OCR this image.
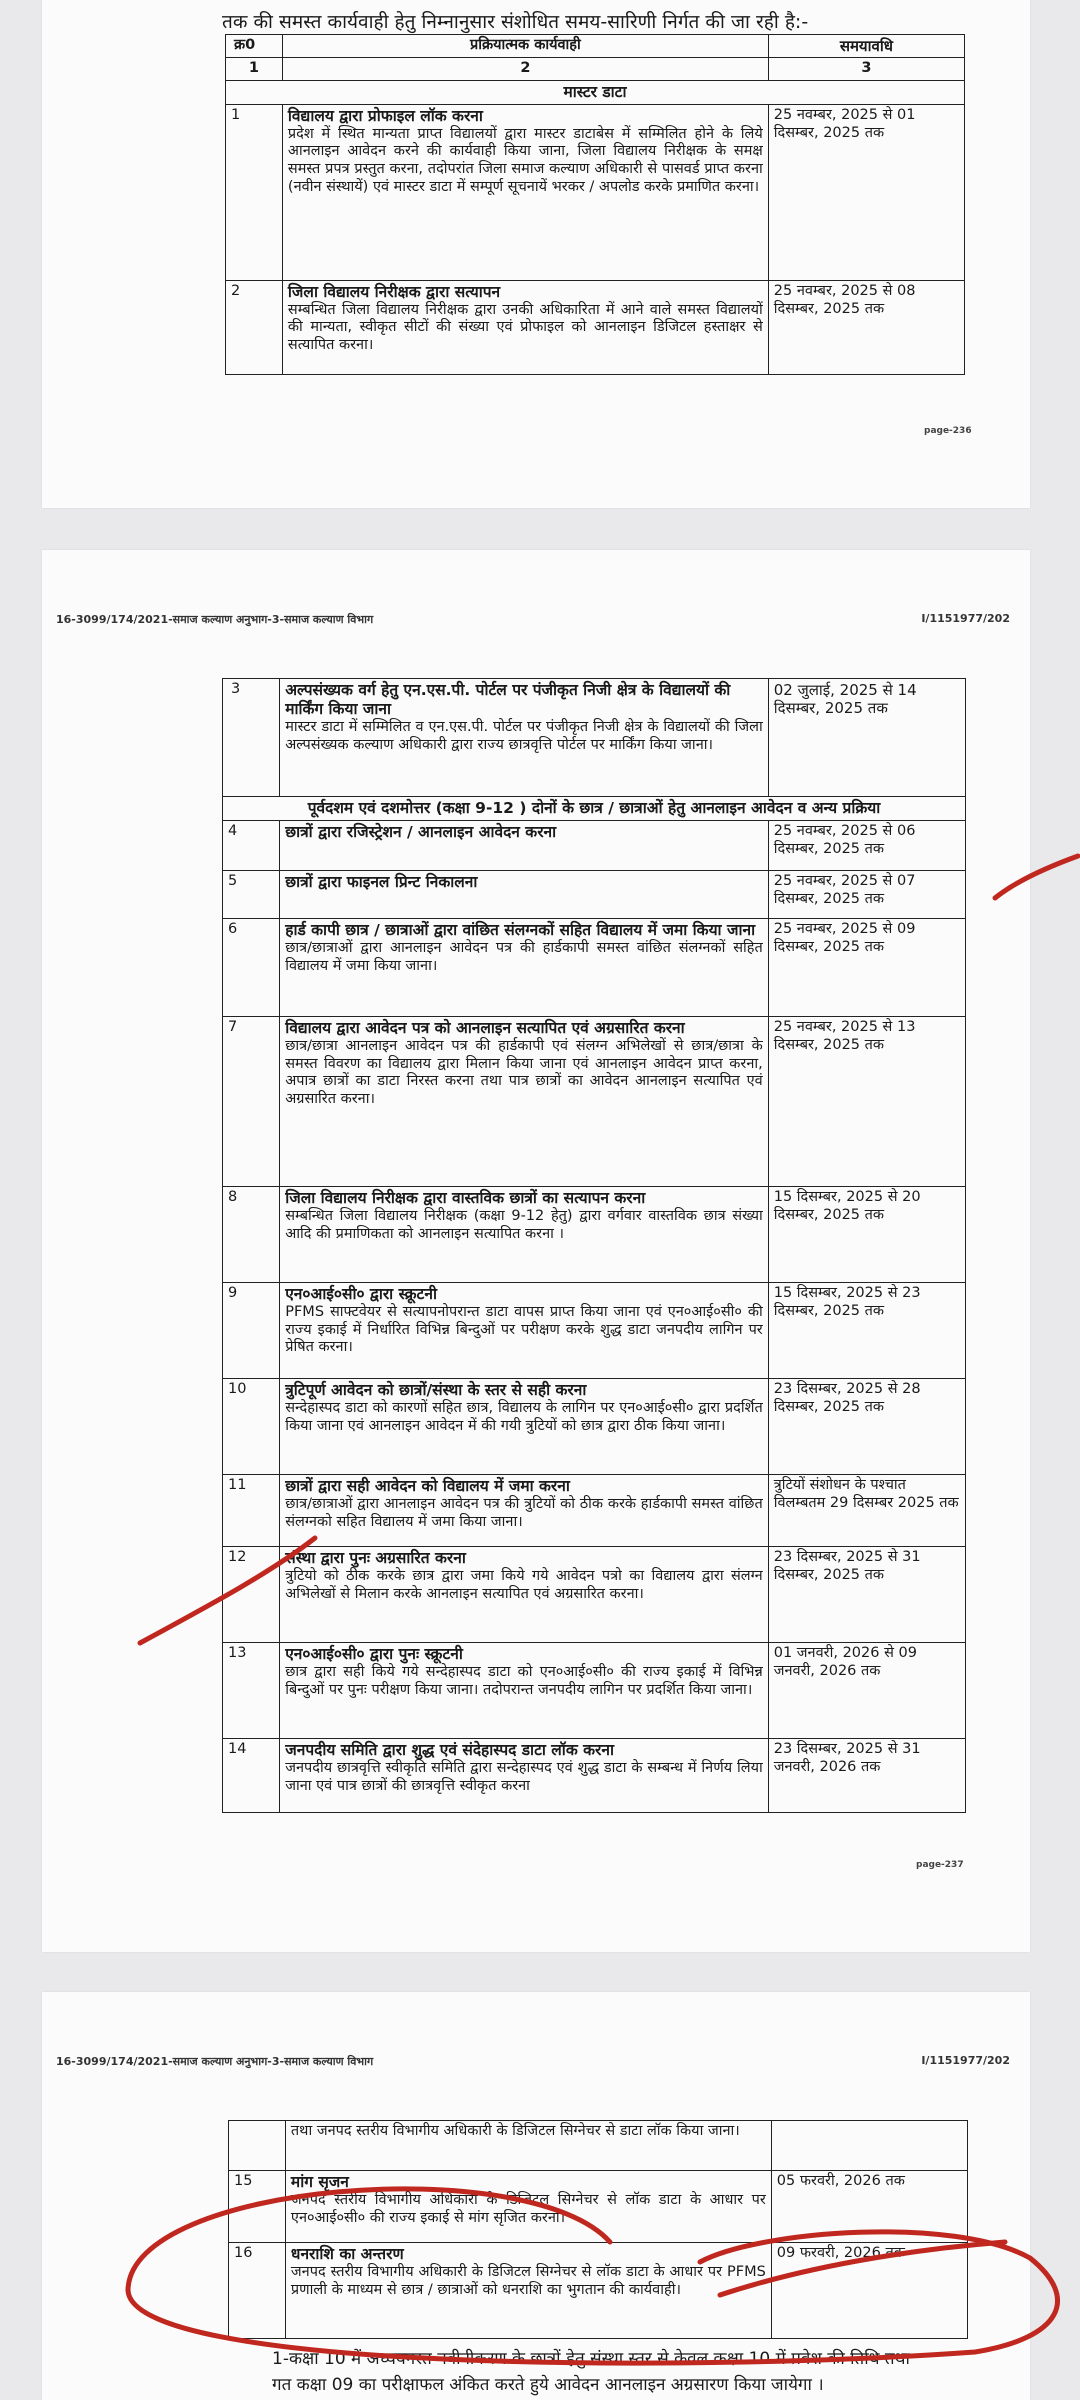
तक की समस्त कार्यवाही हेतु निम्नानुसार संशोधित समय-सारिणी निर्गत की जा रही है:-
क्र0	प्रक्रियात्मक कार्यवाही	समयावधि
1	2	3
मास्टर डाटा		
1	विद्यालय द्वारा प्रोफाइल लॉक करना
प्रदेश में स्थित मान्यता प्राप्त विद्यालयों द्वारा मास्टर डाटाबेस में सम्मिलित होने के लिये आनलाइन आवेदन करने की कार्यवाही किया जाना, जिला विद्यालय निरीक्षक के समक्ष समस्त प्रपत्र प्रस्तुत करना, तदोपरांत जिला समाज कल्याण अधिकारी से पासवर्ड प्राप्त करना (नवीन संस्थायें) एवं मास्टर डाटा में सम्पूर्ण सूचनायें भरकर / अपलोड करके प्रमाणित करना।	25 नवम्बर, 2025 से 01 दिसम्बर, 2025 तक
2	जिला विद्यालय निरीक्षक द्वारा सत्यापन
सम्बन्धित जिला विद्यालय निरीक्षक द्वारा उनकी अधिकारिता में आने वाले समस्त विद्यालयों की मान्यता, स्वीकृत सीटों की संख्या एवं प्रोफाइल को आनलाइन डिजिटल हस्ताक्षर से सत्यापित करना।	25 नवम्बर, 2025 से 08 दिसम्बर, 2025 तक
page-236
16-3099/174/2021-समाज कल्याण अनुभाग-3-समाज कल्याण विभाग	I/1151977/202
3	अल्पसंख्यक वर्ग हेतु एन.एस.पी. पोर्टल पर पंजीकृत निजी क्षेत्र के विद्यालयों की मार्किंग किया जाना
मास्टर डाटा में सम्मिलित व एन.एस.पी. पोर्टल पर पंजीकृत निजी क्षेत्र के विद्यालयों की जिला अल्पसंख्यक कल्याण अधिकारी द्वारा राज्य छात्रवृत्ति पोर्टल पर मार्किंग किया जाना।	02 जुलाई, 2025 से 14 दिसम्बर, 2025 तक
पूर्वदशम एवं दशमोत्तर (कक्षा 9-12 ) दोनों के छात्र / छात्राओं हेतु आनलाइन आवेदन व अन्य प्रक्रिया		
4	छात्रों द्वारा रजिस्ट्रेशन / आनलाइन आवेदन करना	25 नवम्बर, 2025 से 06 दिसम्बर, 2025 तक
5	छात्रों द्वारा फाइनल प्रिन्ट निकालना	25 नवम्बर, 2025 से 07 दिसम्बर, 2025 तक
6	हार्ड कापी छात्र / छात्राओं द्वारा वांछित संलग्नकों सहित विद्यालय में जमा किया जाना
छात्र/छात्राओं द्वारा आनलाइन आवेदन पत्र की हार्डकापी समस्त वांछित संलग्नकों सहित विद्यालय में जमा किया जाना।	25 नवम्बर, 2025 से 09 दिसम्बर, 2025 तक
7	विद्यालय द्वारा आवेदन पत्र को आनलाइन सत्यापित एवं अग्रसारित करना
छात्र/छात्रा आनलाइन आवेदन पत्र की हार्डकापी एवं संलग्न अभिलेखों से छात्र/छात्रा के समस्त विवरण का विद्यालय द्वारा मिलान किया जाना एवं आनलाइन आवेदन प्राप्त करना, अपात्र छात्रों का डाटा निरस्त करना तथा पात्र छात्रों का आवेदन आनलाइन सत्यापित एवं अग्रसारित करना।	25 नवम्बर, 2025 से 13 दिसम्बर, 2025 तक
8	जिला विद्यालय निरीक्षक द्वारा वास्तविक छात्रों का सत्यापन करना
सम्बन्धित जिला विद्यालय निरीक्षक (कक्षा 9-12 हेतु) द्वारा वर्गवार वास्तविक छात्र संख्या आदि की प्रमाणिकता को आनलाइन सत्यापित करना ।	15 दिसम्बर, 2025 से 20 दिसम्बर, 2025 तक
9	एन०आई०सी० द्वारा स्क्रूटनी
PFMS साफ्टवेयर से सत्यापनोपरान्त डाटा वापस प्राप्त किया जाना एवं एन०आई०सी० की राज्य इकाई में निर्धारित विभिन्न बिन्दुओं पर परीक्षण करके शुद्ध डाटा जनपदीय लागिन पर प्रेषित करना।	15 दिसम्बर, 2025 से 23 दिसम्बर, 2025 तक
10	त्रुटिपूर्ण आवेदन को छात्रों/संस्था के स्तर से सही करना
सन्देहास्पद डाटा को कारणों सहित छात्र, विद्यालय के लागिन पर एन०आई०सी० द्वारा प्रदर्शित किया जाना एवं आनलाइन आवेदन में की गयी त्रुटियों को छात्र द्वारा ठीक किया जाना।	23 दिसम्बर, 2025 से 28 दिसम्बर, 2025 तक
11	छात्रों द्वारा सही आवेदन को विद्यालय में जमा करना
छात्र/छात्राओं द्वारा आनलाइन आवेदन पत्र की त्रुटियों को ठीक करके हार्डकापी समस्त वांछित संलग्नको सहित विद्यालय में जमा किया जाना।	त्रुटियों संशोधन के पश्चात विलम्बतम 29 दिसम्बर 2025 तक
12	संस्था द्वारा पुनः अग्रसारित करना
त्रुटियो को ठीक करके छात्र द्वारा जमा किये गये आवेदन पत्रो का विद्यालय द्वारा संलग्न अभिलेखों से मिलान करके आनलाइन सत्यापित एवं अग्रसारित करना।	23 दिसम्बर, 2025 से 31 दिसम्बर, 2025 तक
13	एन०आई०सी० द्वारा पुनः स्क्रूटनी
छात्र द्वारा सही किये गये सन्देहास्पद डाटा को एन०आई०सी० की राज्य इकाई में विभिन्न बिन्दुओं पर पुनः परीक्षण किया जाना। तदोपरान्त जनपदीय लागिन पर प्रदर्शित किया जाना।	01 जनवरी, 2026 से 09 जनवरी, 2026 तक
14	जनपदीय समिति द्वारा शुद्ध एवं संदेहास्पद डाटा लॉक करना
जनपदीय छात्रवृत्ति स्वीकृति समिति द्वारा सन्देहास्पद एवं शुद्ध डाटा के सम्बन्ध में निर्णय लिया जाना एवं पात्र छात्रों की छात्रवृत्ति स्वीकृत करना	23 दिसम्बर, 2025 से 31 जनवरी, 2026 तक
page-237
16-3099/174/2021-समाज कल्याण अनुभाग-3-समाज कल्याण विभाग	I/1151977/202

	तथा जनपद स्तरीय विभागीय अधिकारी के डिजिटल सिग्नेचर से डाटा लॉक किया जाना।	

15	मांग सृजन
जनपद स्तरीय विभागीय अधिकारी के डिजिटल सिग्नेचर से लॉक डाटा के आधार पर एन०आई०सी० की राज्य इकाई से मांग सृजित करना।	05 फरवरी, 2026 तक
16	धनराशि का अन्तरण
जनपद स्तरीय विभागीय अधिकारी के डिजिटल सिग्नेचर से लॉक डाटा के आधार पर PFMS प्रणाली के माध्यम से छात्र / छात्राओं को धनराशि का भुगतान की कार्यवाही।	09 फरवरी, 2026 तक
1-कक्षा 10 में अध्ययनरत नवीनीकरण के छात्रों हेतु संस्था स्तर से केवल कक्षा 10 में प्रवेश की तिथि तथा
गत कक्षा 09 का परीक्षाफल अंकित करते हुये आवेदन आनलाइन अग्रसारण किया जायेगा ।
